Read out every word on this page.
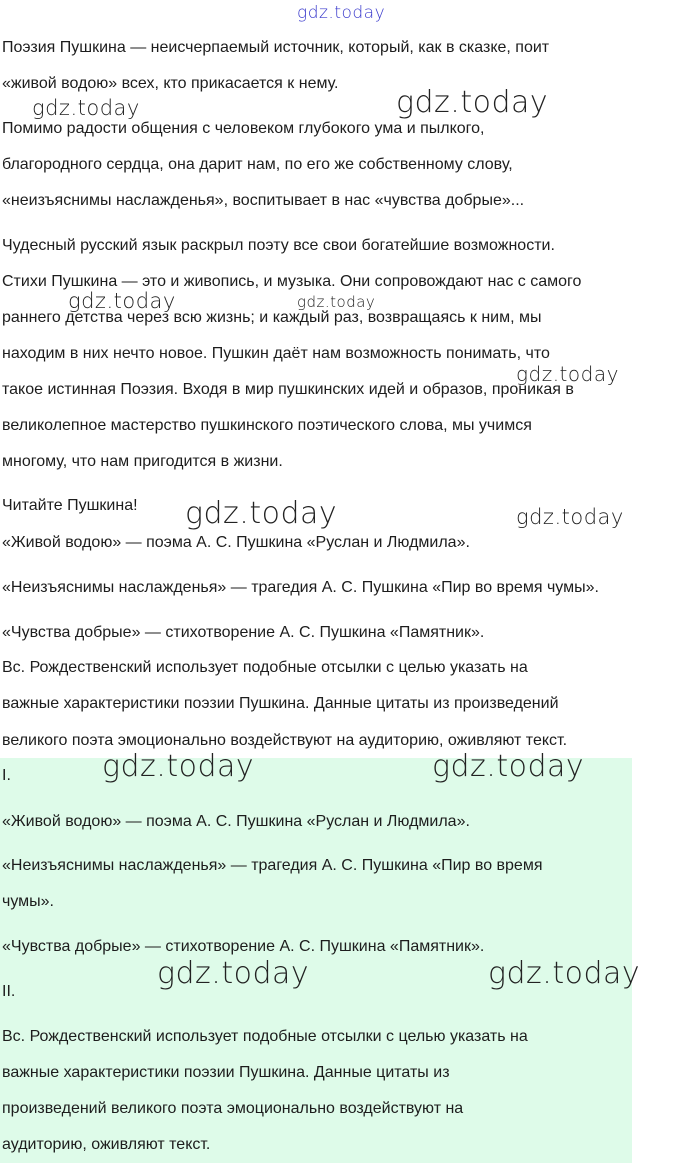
Поэзия Пушкина — неисчерпаемый источник, который, как в сказке, поит

«живой водою» всех, кто прикасается к нему.

Помимо радости общения с человеком глубокого ума и пылкого,

благородного сердца, она дарит нам, по его же собственному слову,

«неизъяснимы наслажденья», воспитывает в нас «чувства добрые»...

Чудесный русский язык раскрыл поэту все свои богатейшие возможности.

Стихи Пушкина — это и живопись, и музыка. Они сопровождают нас с самого

раннего детства через всю жизнь; и каждый раз, возвращаясь к ним, мы

находим в них нечто новое. Пушкин даёт нам возможность понимать, что

такое истинная Поэзия. Входя в мир пушкинских идей и образов, проникая в

великолепное мастерство пушкинского поэтического слова, мы учимся

многому, что нам пригодится в жизни.

Читайте Пушкина!

«Живой водою» — поэма А. С. Пушкина «Руслан и Людмила».

«Неизъяснимы наслажденья» — трагедия А. С. Пушкина «Пир во время чумы».

«Чувства добрые» — стихотворение А. С. Пушкина «Памятник».

Вс. Рождественский использует подобные отсылки с целью указать на

важные характеристики поэзии Пушкина. Данные цитаты из произведений

великого поэта эмоционально воздействуют на аудиторию, оживляют текст.

I.

«Живой водою» — поэма А. С. Пушкина «Руслан и Людмила».

«Неизъяснимы наслажденья» — трагедия А. С. Пушкина «Пир во время

чумы».

«Чувства добрые» — стихотворение А. С. Пушкина «Памятник».

II.

Вс. Рождественский использует подобные отсылки с целью указать на

важные характеристики поэзии Пушкина. Данные цитаты из

произведений великого поэта эмоционально воздействуют на

аудиторию, оживляют текст.

gdz.today
gdz.today	gdz.today
gdz.today	gdz.today
gdz.today
gdz.today	gdz.today
gdz.today	gdz.today
gdz.today	gdz.today
